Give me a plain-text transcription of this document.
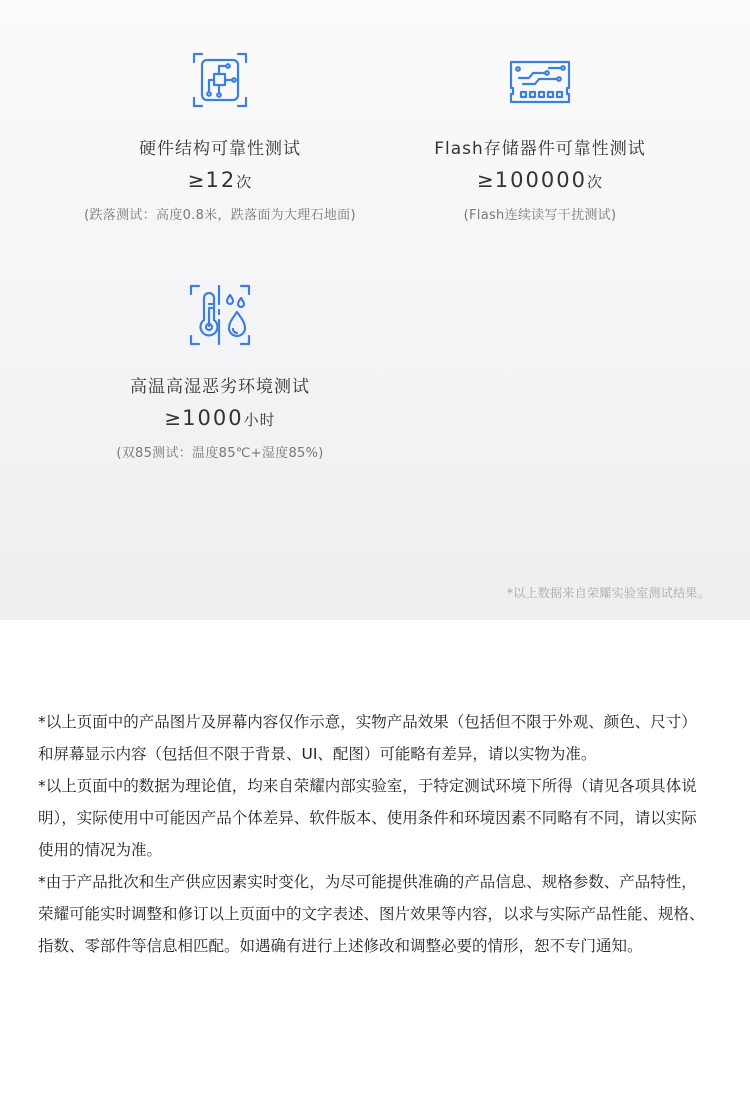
硬件结构可靠性测试
≥12次
(跌落测试：高度0.8米，跌落面为大理石地面)
Flash存储器件可靠性测试
≥100000次
(Flash连续读写干扰测试)
高温高湿恶劣环境测试
≥1000小时
(双85测试：温度85℃+湿度85%)
*以上数据来自荣耀实验室测试结果。

*以上页面中的产品图片及屏幕内容仅作示意，实物产品效果（包括但不限于外观、颜色、尺寸）和屏幕显示内容（包括但不限于背景、UI、配图）可能略有差异，请以实物为准。

*以上页面中的数据为理论值，均来自荣耀内部实验室，于特定测试环境下所得（请见各项具体说明），实际使用中可能因产品个体差异、软件版本、使用条件和环境因素不同略有不同，请以实际使用的情况为准。

*由于产品批次和生产供应因素实时变化，为尽可能提供准确的产品信息、规格参数、产品特性，荣耀可能实时调整和修订以上页面中的文字表述、图片效果等内容，以求与实际产品性能、规格、指数、零部件等信息相匹配。如遇确有进行上述修改和调整必要的情形，恕不专门通知。
